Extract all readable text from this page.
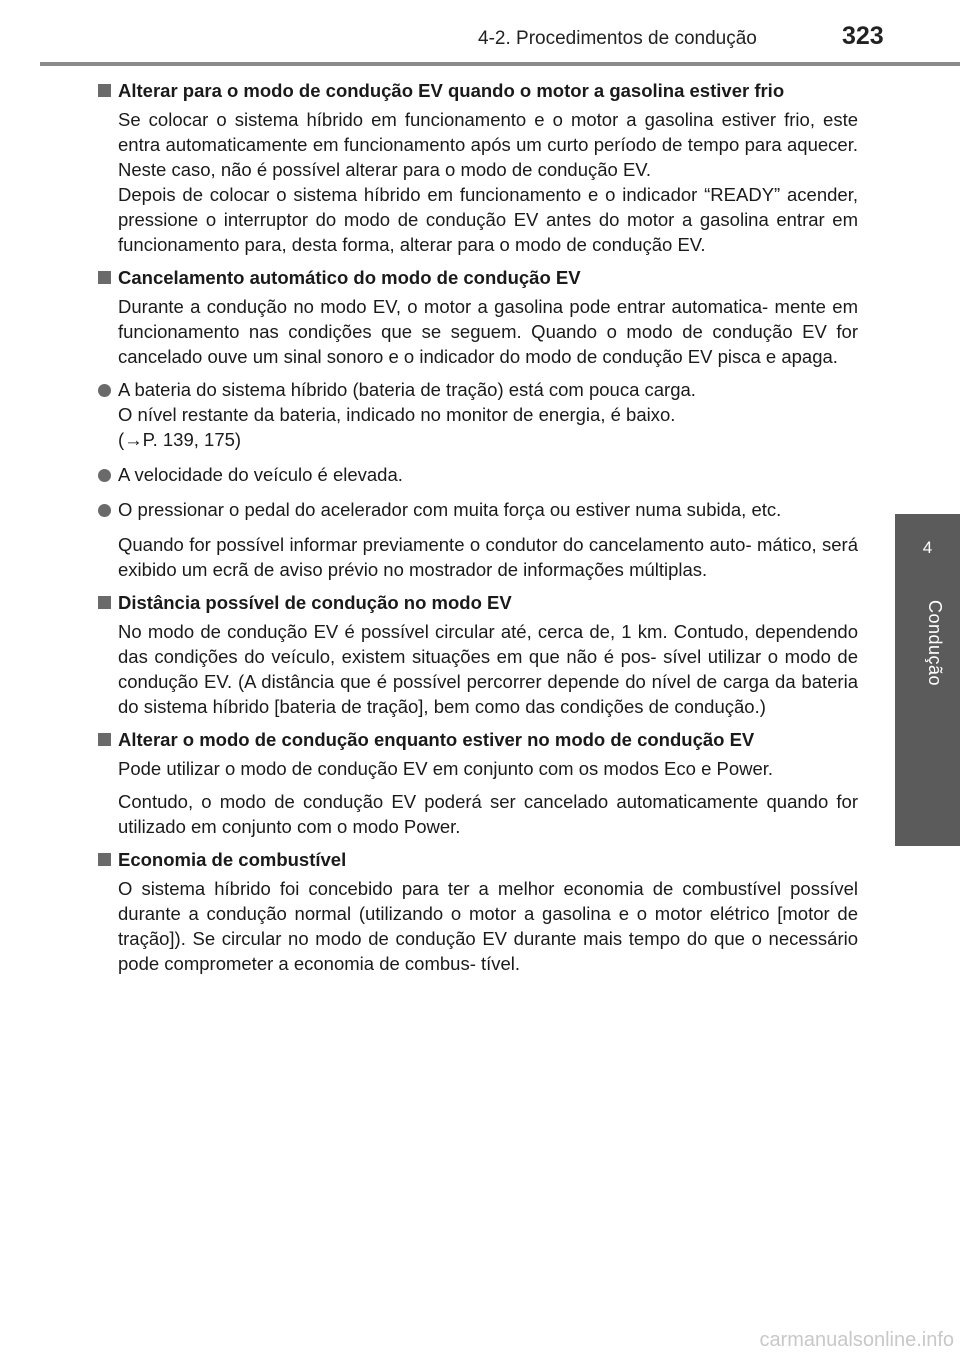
4-2. Procedimentos de condução	323
4
Condução
Alterar para o modo de condução EV quando o motor a gasolina estiver frio
Se colocar o sistema híbrido em funcionamento e o motor a gasolina estiver frio, este entra automaticamente em funcionamento após um curto período de tempo para aquecer. Neste caso, não é possível alterar para o modo de condução EV.
Depois de colocar o sistema híbrido em funcionamento e o indicador “READY” acender, pressione o interruptor do modo de condução EV antes do motor a gasolina entrar em funcionamento para, desta forma, alterar para o modo de condução EV.
Cancelamento automático do modo de condução EV
Durante a condução no modo EV, o motor a gasolina pode entrar automatica- mente em funcionamento nas condições que se seguem. Quando o modo de condução EV for cancelado ouve um sinal sonoro e o indicador do modo de condução EV pisca e apaga.
A bateria do sistema híbrido (bateria de tração) está com pouca carga.
O nível restante da bateria, indicado no monitor de energia, é baixo.
(→P. 139, 175)
A velocidade do veículo é elevada.
O pressionar o pedal do acelerador com muita força ou estiver numa subida, etc.
Quando for possível informar previamente o condutor do cancelamento auto- mático, será exibido um ecrã de aviso prévio no mostrador de informações múltiplas.
Distância possível de condução no modo EV
No modo de condução EV é possível circular até, cerca de, 1 km. Contudo, dependendo das condições do veículo, existem situações em que não é pos- sível utilizar o modo de condução EV. (A distância que é possível percorrer depende do nível de carga da bateria do sistema híbrido [bateria de tração], bem como das condições de condução.)
Alterar o modo de condução enquanto estiver no modo de condução EV
Pode utilizar o modo de condução EV em conjunto com os modos Eco e Power.
Contudo, o modo de condução EV poderá ser cancelado automaticamente quando for utilizado em conjunto com o modo Power.
Economia de combustível
O sistema híbrido foi concebido para ter a melhor economia de combustível possível durante a condução normal (utilizando o motor a gasolina e o motor elétrico [motor de tração]). Se circular no modo de condução EV durante mais tempo do que o necessário pode comprometer a economia de combus- tível.
carmanualsonline.info
